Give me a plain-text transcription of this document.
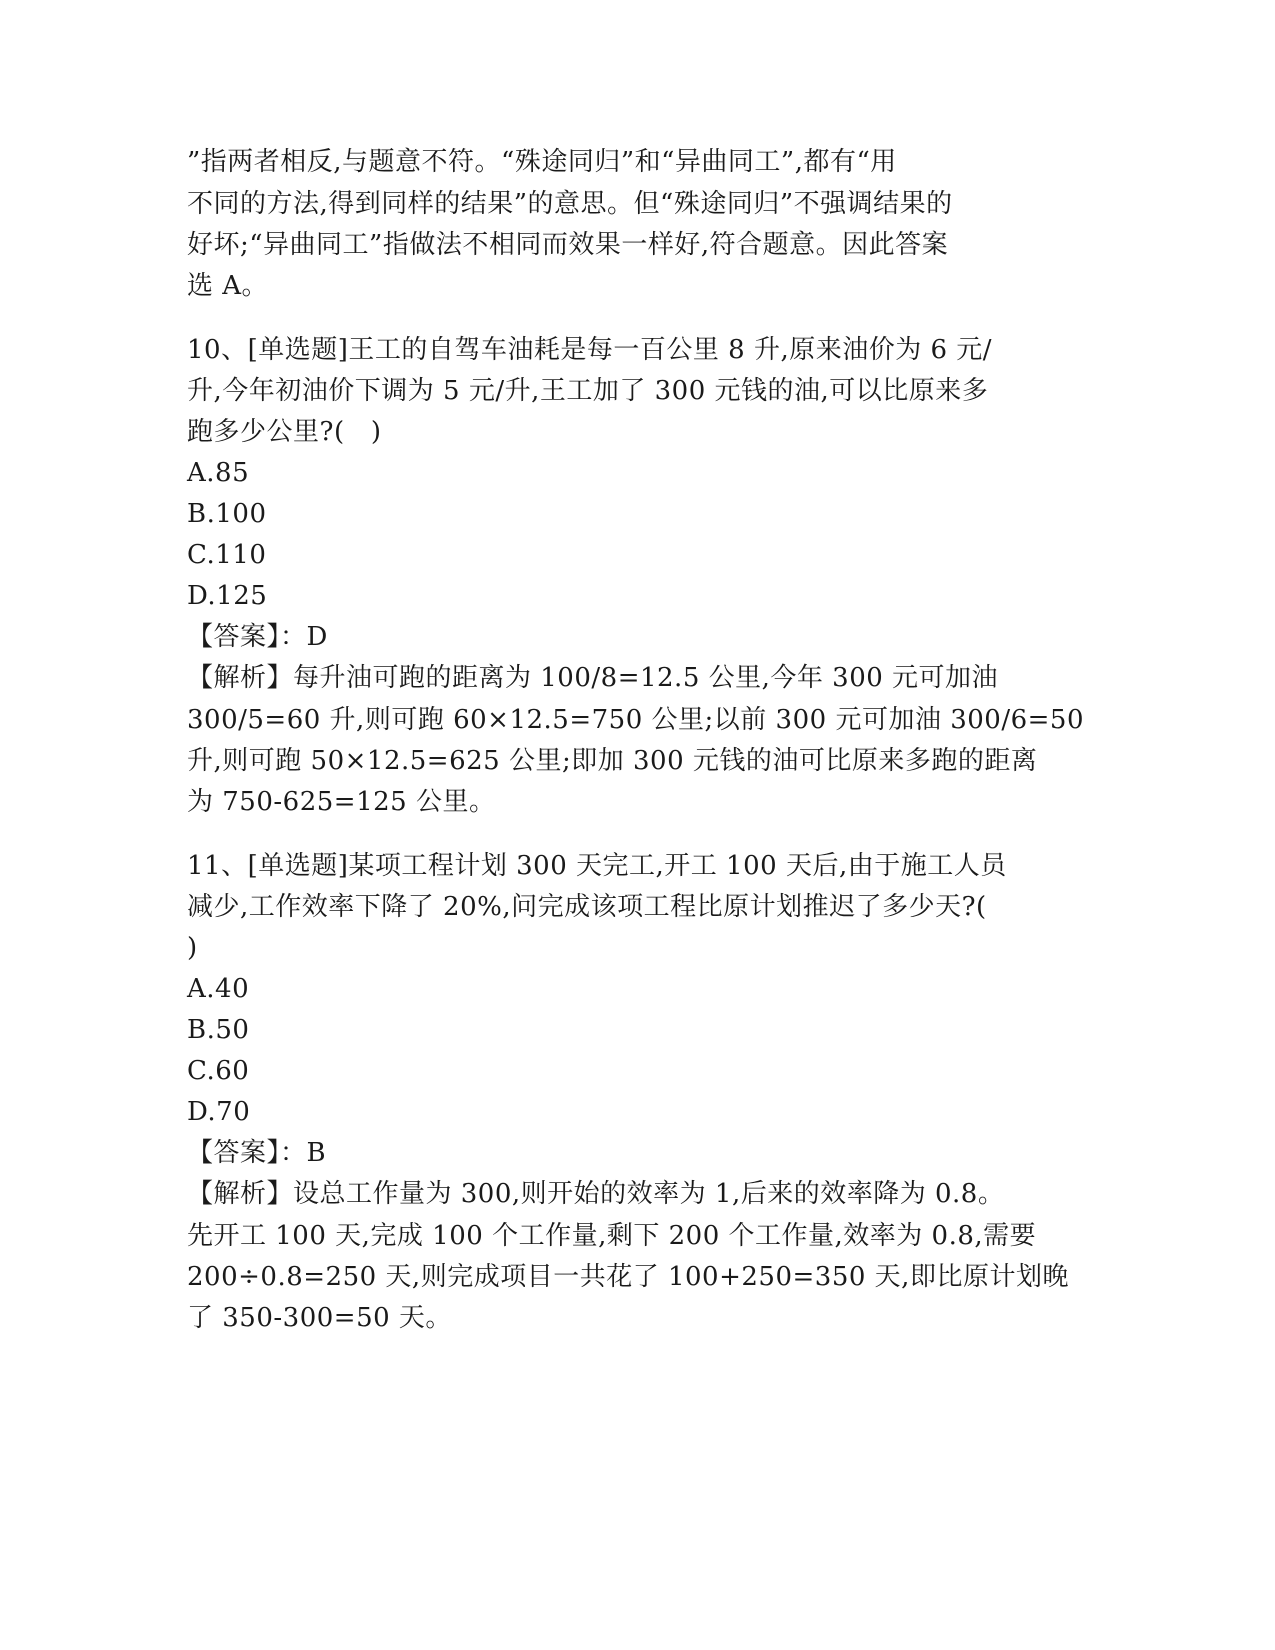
”指两者相反,与题意不符。“殊途同归”和“异曲同工”,都有“用
不同的方法,得到同样的结果”的意思。但“殊途同归”不强调结果的
好坏;“异曲同工”指做法不相同而效果一样好,符合题意。因此答案
选 A。
10、[单选题]王工的自驾车油耗是每一百公里 8 升,原来油价为 6 元/
升,今年初油价下调为 5 元/升,王工加了 300 元钱的油,可以比原来多
跑多少公里?(   )
A.85
B.100
C.110
D.125
【答案】：D
【解析】每升油可跑的距离为 100/8=12.5 公里,今年 300 元可加油
300/5=60 升,则可跑 60×12.5=750 公里;以前 300 元可加油 300/6=50
升,则可跑 50×12.5=625 公里;即加 300 元钱的油可比原来多跑的距离
为 750-625=125 公里。
11、[单选题]某项工程计划 300 天完工,开工 100 天后,由于施工人员
减少,工作效率下降了 20%,问完成该项工程比原计划推迟了多少天?(
)
A.40
B.50
C.60
D.70
【答案】：B
【解析】设总工作量为 300,则开始的效率为 1,后来的效率降为 0.8。
先开工 100 天,完成 100 个工作量,剩下 200 个工作量,效率为 0.8,需要
200÷0.8=250 天,则完成项目一共花了 100+250=350 天,即比原计划晚
了 350-300=50 天。
